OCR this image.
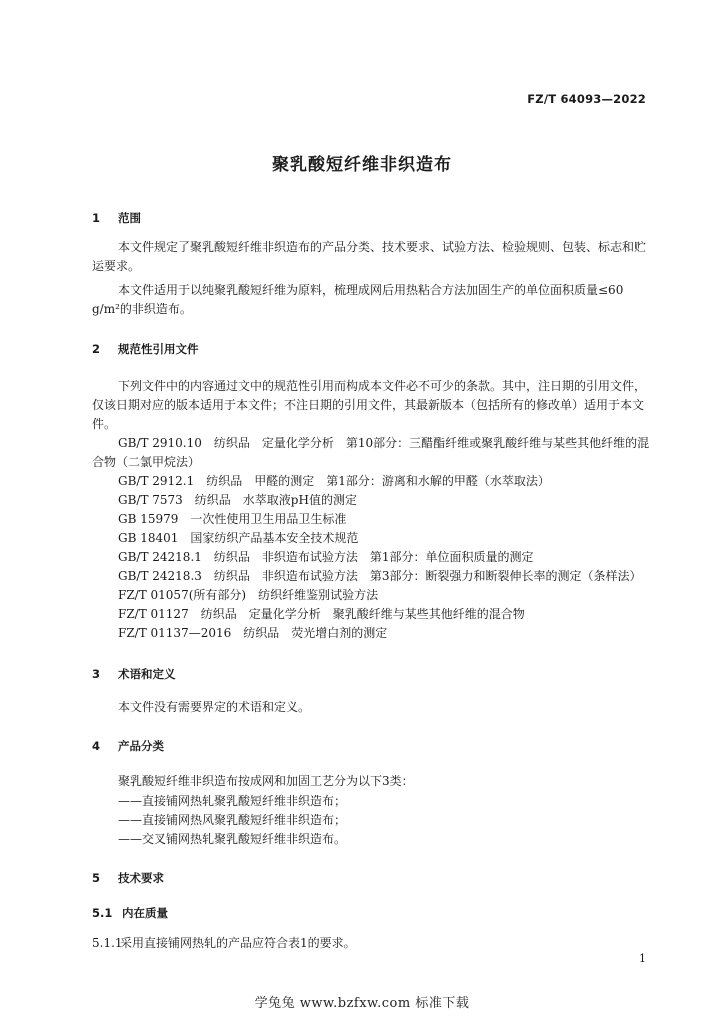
FZ/T 64093—2022
聚乳酸短纤维非织造布
1 范围
本文件规定了聚乳酸短纤维非织造布的产品分类、技术要求、试验方法、检验规则、包装、标志和贮运要求。
本文件适用于以纯聚乳酸短纤维为原料，梳理成网后用热粘合方法加固生产的单位面积质量≤60 g/m²的非织造布。
2 规范性引用文件
下列文件中的内容通过文中的规范性引用而构成本文件必不可少的条款。其中，注日期的引用文件，仅该日期对应的版本适用于本文件；不注日期的引用文件，其最新版本（包括所有的修改单）适用于本文件。
GB/T 2910.10　纺织品　定量化学分析　第10部分：三醋酯纤维或聚乳酸纤维与某些其他纤维的混合物（二氯甲烷法）
GB/T 2912.1　纺织品　甲醛的测定　第1部分：游离和水解的甲醛（水萃取法）
GB/T 7573　纺织品　水萃取液pH值的测定
GB 15979　一次性使用卫生用品卫生标准
GB 18401　国家纺织产品基本安全技术规范
GB/T 24218.1　纺织品　非织造布试验方法　第1部分：单位面积质量的测定
GB/T 24218.3　纺织品　非织造布试验方法　第3部分：断裂强力和断裂伸长率的测定（条样法）
FZ/T 01057(所有部分)　纺织纤维鉴别试验方法
FZ/T 01127　纺织品　定量化学分析　聚乳酸纤维与某些其他纤维的混合物
FZ/T 01137—2016　纺织品　荧光增白剂的测定
3 术语和定义
本文件没有需要界定的术语和定义。
4 产品分类
聚乳酸短纤维非织造布按成网和加固工艺分为以下3类：
——直接铺网热轧聚乳酸短纤维非织造布；
——直接铺网热风聚乳酸短纤维非织造布；
——交叉铺网热轧聚乳酸短纤维非织造布。
5 技术要求
5.1 内在质量
5.1.1采用直接铺网热轧的产品应符合表1的要求。
1
学兔兔 www.bzfxw.com 标准下载
